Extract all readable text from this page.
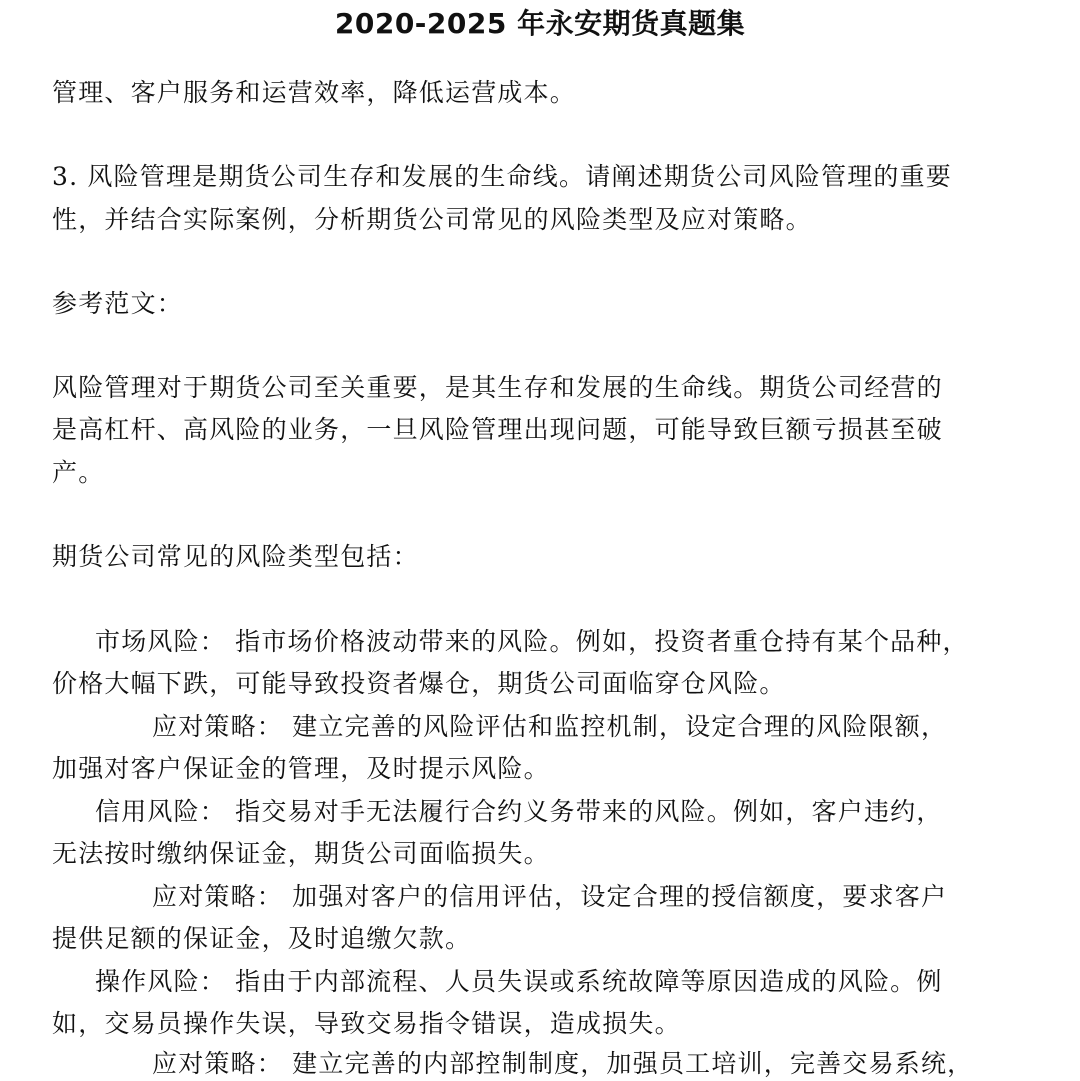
2020-2025 年永安期货真题集
管理、客户服务和运营效率，降低运营成本。
3. 风险管理是期货公司生存和发展的生命线。请阐述期货公司风险管理的重要
性，并结合实际案例，分析期货公司常见的风险类型及应对策略。
参考范文：
风险管理对于期货公司至关重要，是其生存和发展的生命线。期货公司经营的
是高杠杆、高风险的业务，一旦风险管理出现问题，可能导致巨额亏损甚至破
产。
期货公司常见的风险类型包括：
市场风险： 指市场价格波动带来的风险。例如，投资者重仓持有某个品种，
价格大幅下跌，可能导致投资者爆仓，期货公司面临穿仓风险。
应对策略： 建立完善的风险评估和监控机制，设定合理的风险限额，
加强对客户保证金的管理，及时提示风险。
信用风险： 指交易对手无法履行合约义务带来的风险。例如，客户违约，
无法按时缴纳保证金，期货公司面临损失。
应对策略： 加强对客户的信用评估，设定合理的授信额度，要求客户
提供足额的保证金，及时追缴欠款。
操作风险： 指由于内部流程、人员失误或系统故障等原因造成的风险。例
如，交易员操作失误，导致交易指令错误，造成损失。
应对策略： 建立完善的内部控制制度，加强员工培训，完善交易系统，
